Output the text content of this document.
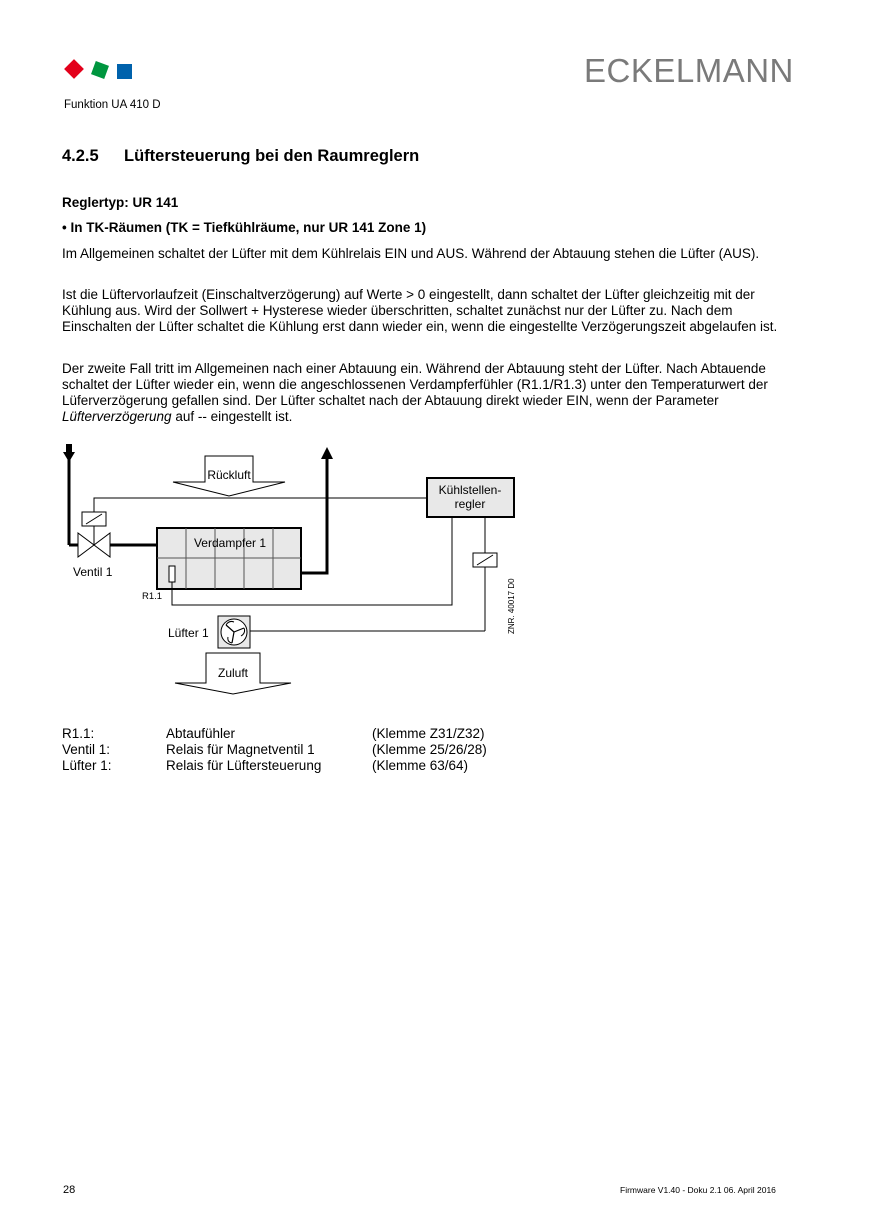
ECKELMANN
Funktion UA 410 D
4.2.5 Lüftersteuerung bei den Raumreglern
Reglertyp: UR 141
• In TK-Räumen (TK = Tiefkühlräume, nur UR 141 Zone 1)
Im Allgemeinen schaltet der Lüfter mit dem Kühlrelais EIN und AUS. Während der Abtauung stehen die Lüfter (AUS).
Ist die Lüftervorlaufzeit (Einschaltverzögerung) auf Werte > 0 eingestellt, dann schaltet der Lüfter gleichzeitig mit der Kühlung aus. Wird der Sollwert + Hysterese wieder überschritten, schaltet zunächst nur der Lüfter zu. Nach dem Einschalten der Lüfter schaltet die Kühlung erst dann wieder ein, wenn die eingestellte Verzögerungszeit abgelaufen ist.
Der zweite Fall tritt im Allgemeinen nach einer Abtauung ein. Während der Abtauung steht der Lüfter. Nach Abtauende schaltet der Lüfter wieder ein, wenn die angeschlossenen Verdampferfühler (R1.1/R1.3) unter den Temperaturwert der Lüferverzögerung gefallen sind. Der Lüfter schaltet nach der Abtauung direkt wieder EIN, wenn der Parameter Lüfterverzögerung auf -- eingestellt ist.
Rückluft
Verdampfer 1
Kühlstellen-
regler
R1.1
Lüfter 1
Zuluft
Ventil 1
ZNR. 40017 D0
R1.1:	Abtaufühler	(Klemme Z31/Z32)
Ventil 1:	Relais für Magnetventil 1	(Klemme 25/26/28)
Lüfter 1:	Relais für Lüftersteuerung	(Klemme 63/64)
28	Firmware V1.40 - Doku 2.1 06. April 2016
